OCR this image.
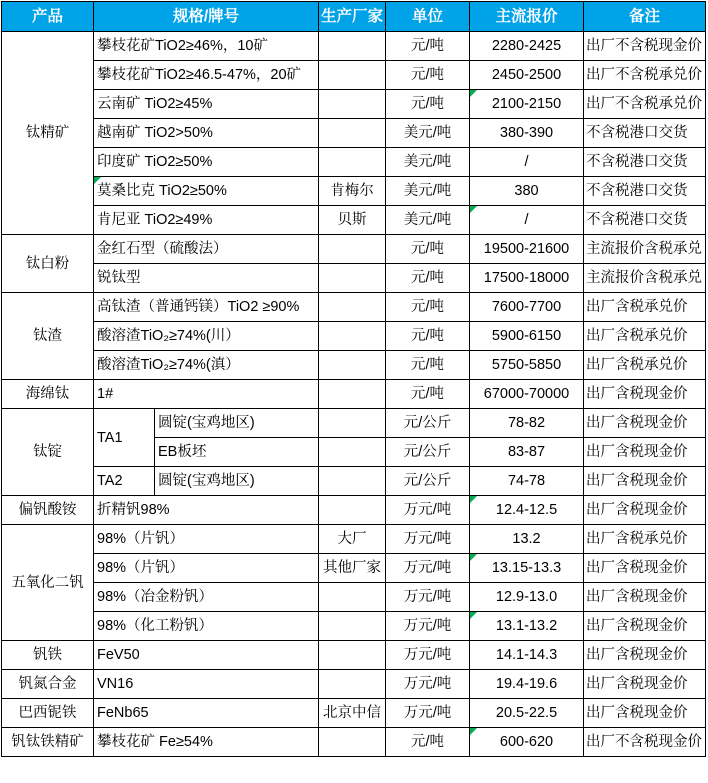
产品	规格/牌号		生产厂家	单位	主流报价	备注
钛精矿	攀枝花矿TiO2≥46%，10矿			元/吨	2280-2425	出厂不含税现金价
	攀枝花矿TiO2≥46.5-47%，20矿			元/吨	2450-2500	出厂不含税承兑价
	云南矿 TiO2≥45%			元/吨	2100-2150	出厂不含税承兑价
	越南矿 TiO2>50%			美元/吨	380-390	不含税港口交货
	印度矿 TiO2≥50%			美元/吨	/	不含税港口交货
	莫桑比克 TiO2≥50%		肯梅尔	美元/吨	380	不含税港口交货
	肯尼亚 TiO2≥49%		贝斯	美元/吨	/	不含税港口交货
钛白粉	金红石型（硫酸法）			元/吨	19500-21600	主流报价含税承兑
	锐钛型			元/吨	17500-18000	主流报价含税承兑
钛渣	高钛渣（普通钙镁）TiO2 ≥90%			元/吨	7600-7700	出厂含税承兑价
	酸溶渣TiO₂≥74%(川）			元/吨	5900-6150	出厂含税承兑价
	酸溶渣TiO₂≥74%(滇）			元/吨	5750-5850	出厂含税承兑价
海绵钛	1#			元/吨	67000-70000	出厂含税现金价
钛锭	TA1	圆锭(宝鸡地区)		元/公斤	78-82	出厂含税现金价
		EB板坯		元/公斤	83-87	出厂含税现金价
	TA2	圆锭(宝鸡地区)		元/公斤	74-78	出厂含税现金价
偏钒酸铵	折精钒98%			万元/吨	12.4-12.5	出厂含税现金价
五氧化二钒	98%（片钒）		大厂	万元/吨	13.2	出厂含税承兑价
	98%（片钒）		其他厂家	万元/吨	13.15-13.3	出厂含税现金价
	98%（冶金粉钒）			万元/吨	12.9-13.0	出厂含税现金价
	98%（化工粉钒）			万元/吨	13.1-13.2	出厂含税现金价
钒铁	FeV50			万元/吨	14.1-14.3	出厂含税现金价
钒氮合金	VN16			万元/吨	19.4-19.6	出厂含税现金价
巴西铌铁	FeNb65		北京中信	万元/吨	20.5-22.5	出厂含税现金价
钒钛铁精矿	攀枝花矿 Fe≥54%			元/吨	600-620	出厂不含税现金价
